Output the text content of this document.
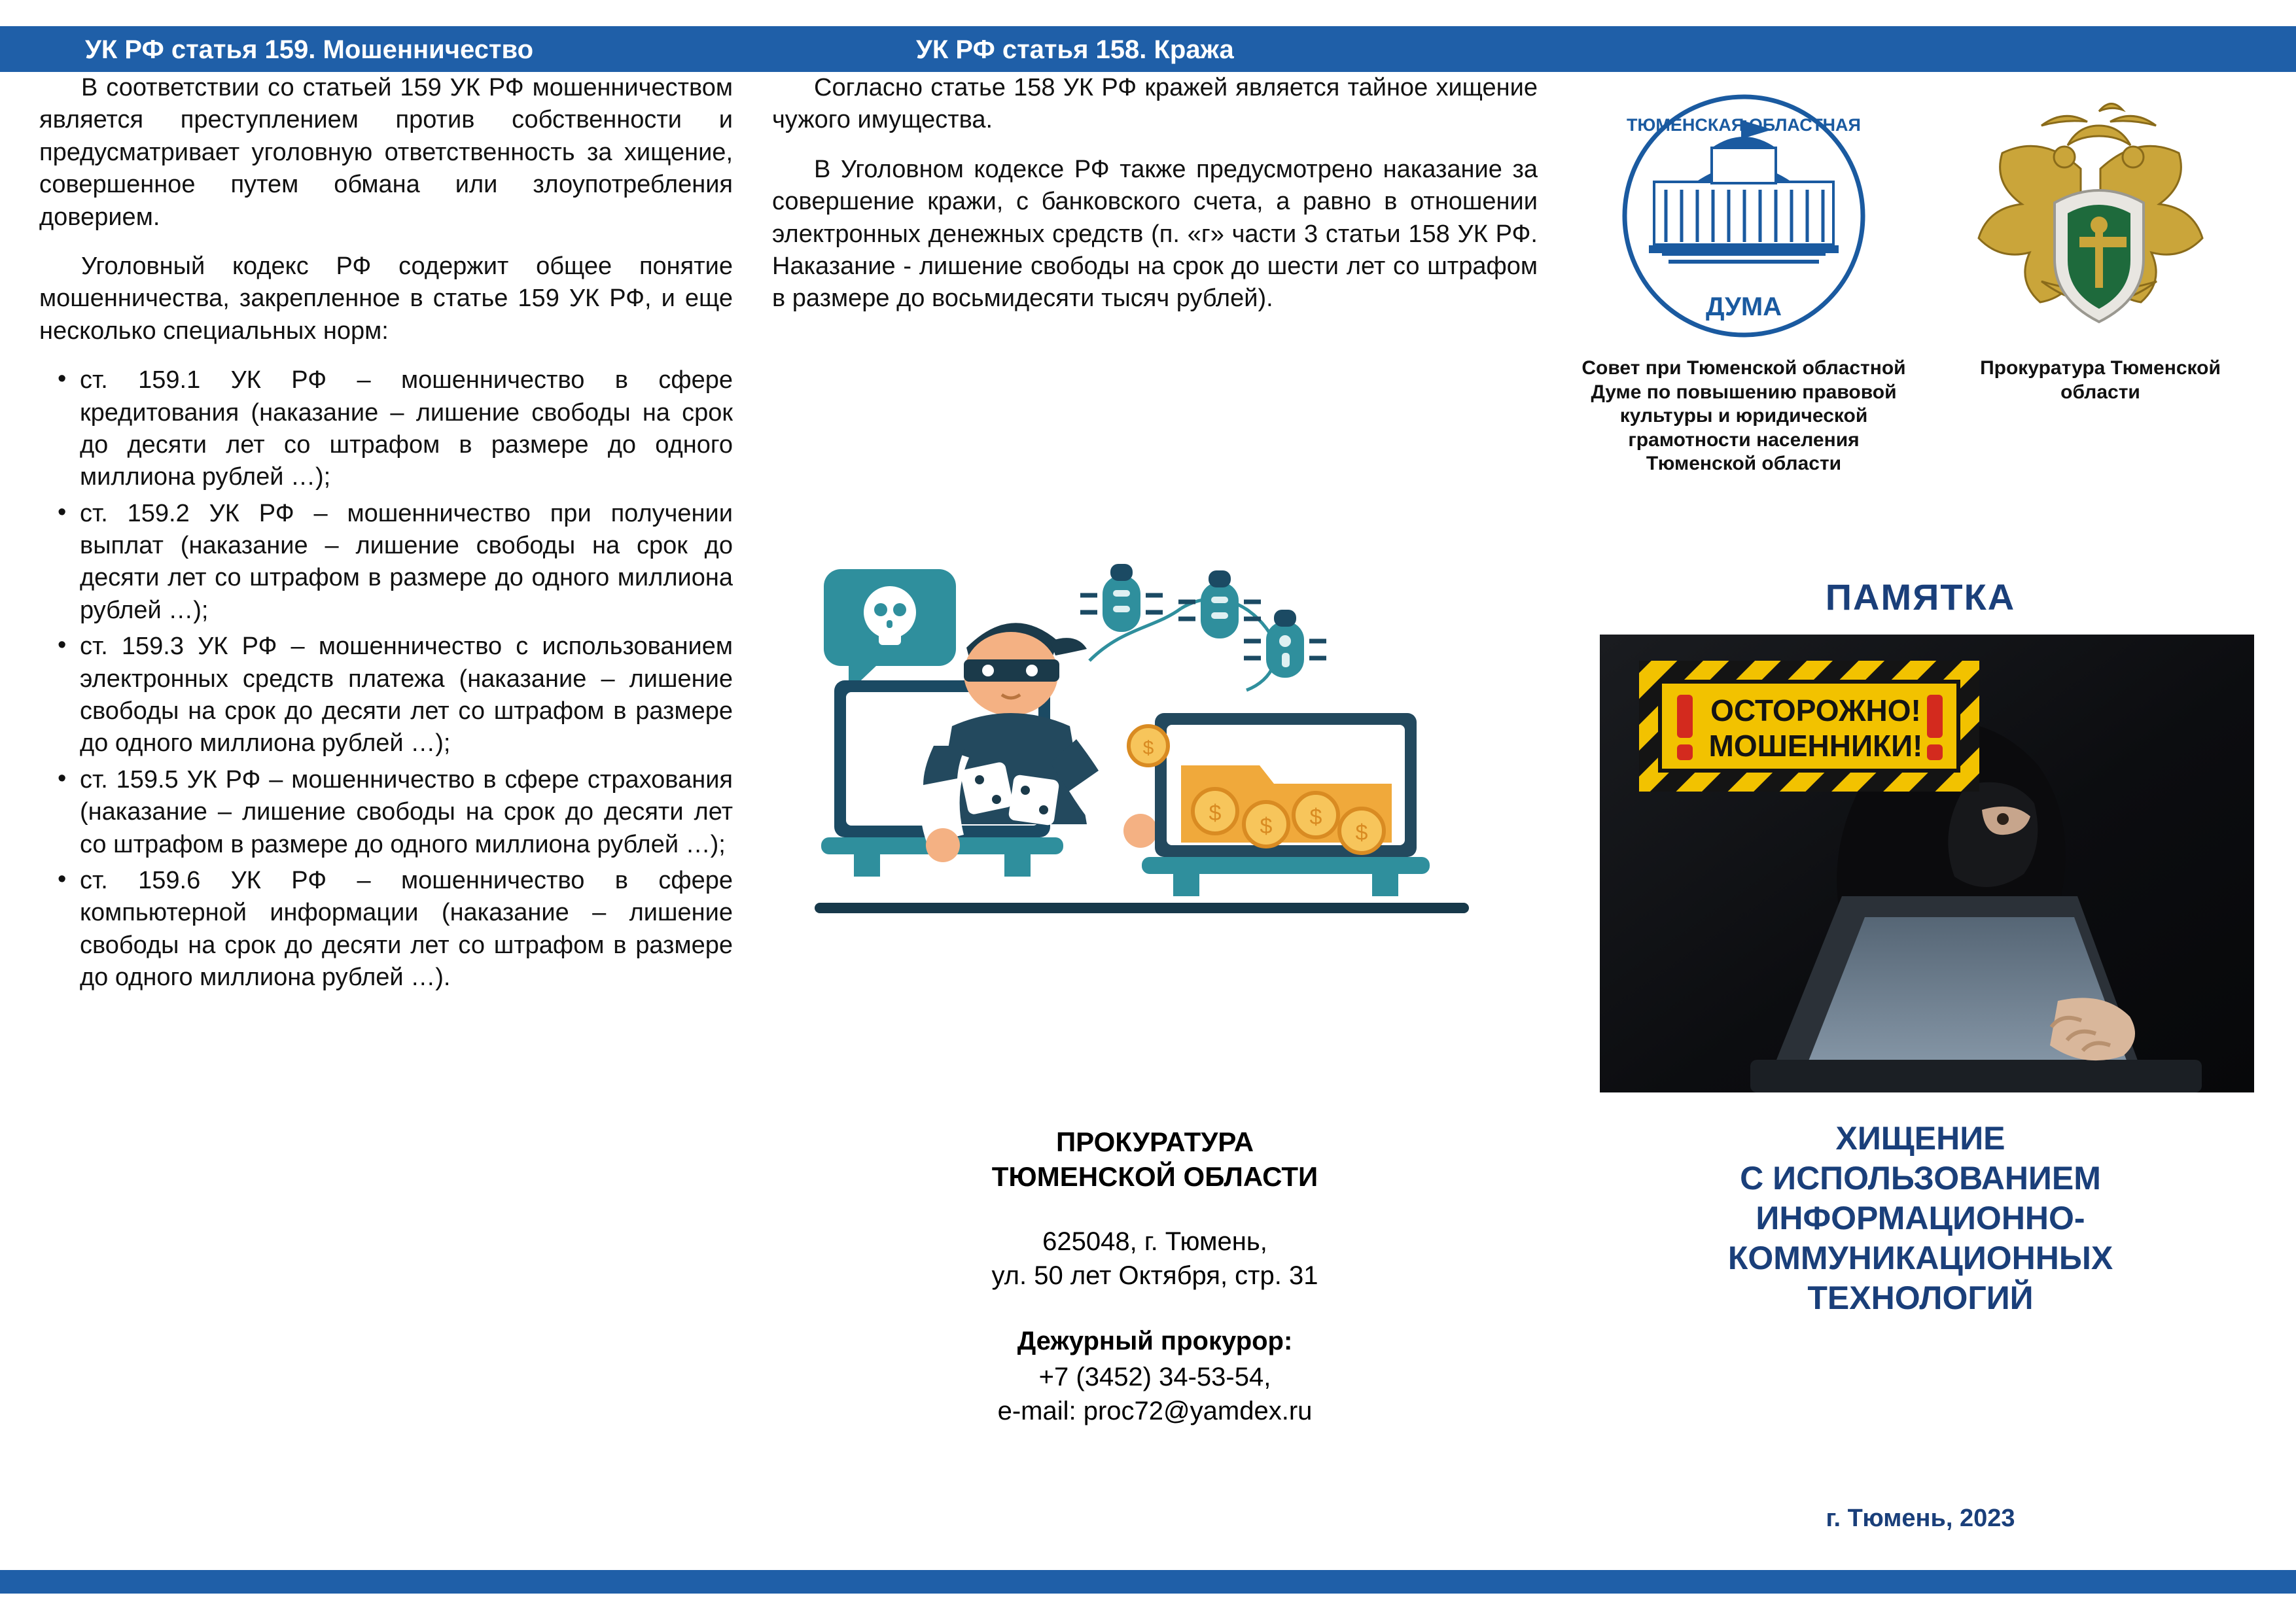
УК РФ статья 159. Мошенничество	УК РФ статья 158. Кража

В соответствии со статьей 159 УК РФ мошенничеством является преступлением против собственности и предусматривает уголовную ответственность за хищение, совершенное путем обмана или злоупотребления доверием.

Уголовный кодекс РФ содержит общее понятие мошенничества, закрепленное в статье 159 УК РФ, и еще несколько специальных норм:

• ст. 159.1 УК РФ – мошенничество в сфере кредитования (наказание – лишение свободы на срок до десяти лет со штрафом в размере до одного миллиона рублей …);
• ст. 159.2 УК РФ – мошенничество при получении выплат (наказание – лишение свободы на срок до десяти лет со штрафом в размере до одного миллиона рублей …);
• ст. 159.3 УК РФ – мошенничество с использованием электронных средств платежа (наказание – лишение свободы на срок до десяти лет со штрафом в размере до одного миллиона рублей …);
• ст. 159.5 УК РФ – мошенничество в сфере страхования (наказание – лишение свободы на срок до десяти лет со штрафом в размере до одного миллиона рублей …);
• ст. 159.6 УК РФ – мошенничество в сфере компьютерной информации (наказание – лишение свободы на срок до десяти лет со штрафом в размере до одного миллиона рублей …).

Согласно статье 158 УК РФ кражей является тайное хищение чужого имущества.

В Уголовном кодексе РФ также предусмотрено наказание за совершение кражи, с банковского счета, а равно в отношении электронных денежных средств (п. «г» части 3 статьи 158 УК РФ. Наказание - лишение свободы на срок до шести лет со штрафом в размере до восьмидесяти тысяч рублей).

$
$ $
$
$
ПРОКУРАТУРА
ТЮМЕНСКОЙ ОБЛАСТИ
625048, г. Тюмень,
ул. 50 лет Октября, стр. 31
Дежурный прокурор:
+7 (3452) 34-53-54,
e-mail: proc72@yamdex.ru
ТЮМЕНСКАЯ ОБЛАСТНАЯ
ДУМА
Совет при Тюменской областной Думе по повышению правовой культуры и юридической грамотности населения Тюменской области
Прокуратура Тюменской области
ПАМЯТКА
ОСТОРОЖНО!
МОШЕННИКИ!
ХИЩЕНИЕ
С ИСПОЛЬЗОВАНИЕМ
ИНФОРМАЦИОННО-
КОММУНИКАЦИОННЫХ
ТЕХНОЛОГИЙ
г. Тюмень, 2023
